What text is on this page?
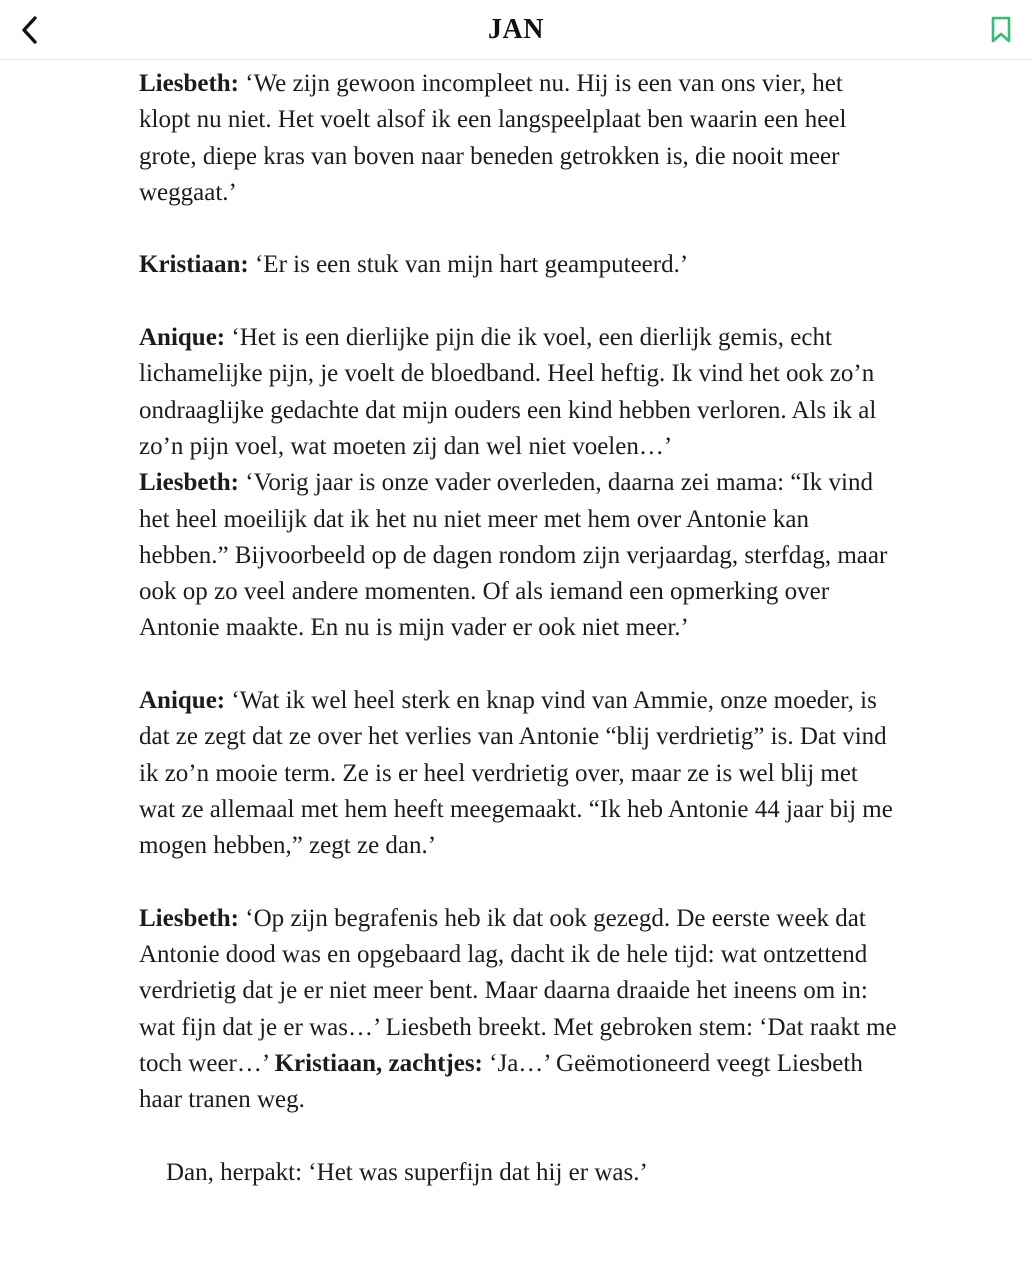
JAN

Liesbeth: ‘We zijn gewoon incompleet nu. Hij is een van ons vier, het klopt nu niet. Het voelt alsof ik een langspeelplaat ben waarin een heel grote, diepe kras van boven naar beneden getrokken is, die nooit meer weggaat.’

Kristiaan: ‘Er is een stuk van mijn hart geamputeerd.’

Anique: ‘Het is een dierlijke pijn die ik voel, een dierlijk gemis, echt lichamelijke pijn, je voelt de bloedband. Heel heftig. Ik vind het ook zo’n ondraaglijke gedachte dat mijn ouders een kind hebben verloren. Als ik al zo’n pijn voel, wat moeten zij dan wel niet voelen…’

Liesbeth: ‘Vorig jaar is onze vader overleden, daarna zei mama: “Ik vind het heel moeilijk dat ik het nu niet meer met hem over Antonie kan hebben.” Bijvoorbeeld op de dagen rondom zijn verjaardag, sterfdag, maar ook op zo veel andere momenten. Of als iemand een opmerking over Antonie maakte. En nu is mijn vader er ook niet meer.’

Anique: ‘Wat ik wel heel sterk en knap vind van Ammie, onze moeder, is dat ze zegt dat ze over het verlies van Antonie “blij verdrietig” is. Dat vind ik zo’n mooie term. Ze is er heel verdrietig over, maar ze is wel blij met wat ze allemaal met hem heeft meegemaakt. “Ik heb Antonie 44 jaar bij me mogen hebben,” zegt ze dan.’

Liesbeth: ‘Op zijn begrafenis heb ik dat ook gezegd. De eerste week dat Antonie dood was en opgebaard lag, dacht ik de hele tijd: wat ontzettend verdrietig dat je er niet meer bent. Maar daarna draaide het ineens om in: wat fijn dat je er was…’ Liesbeth breekt. Met gebroken stem: ‘Dat raakt me toch weer…’ Kristiaan, zachtjes: ‘Ja…’ Geëmotioneerd veegt Liesbeth haar tranen weg.

Dan, herpakt: ‘Het was superfijn dat hij er was.’
